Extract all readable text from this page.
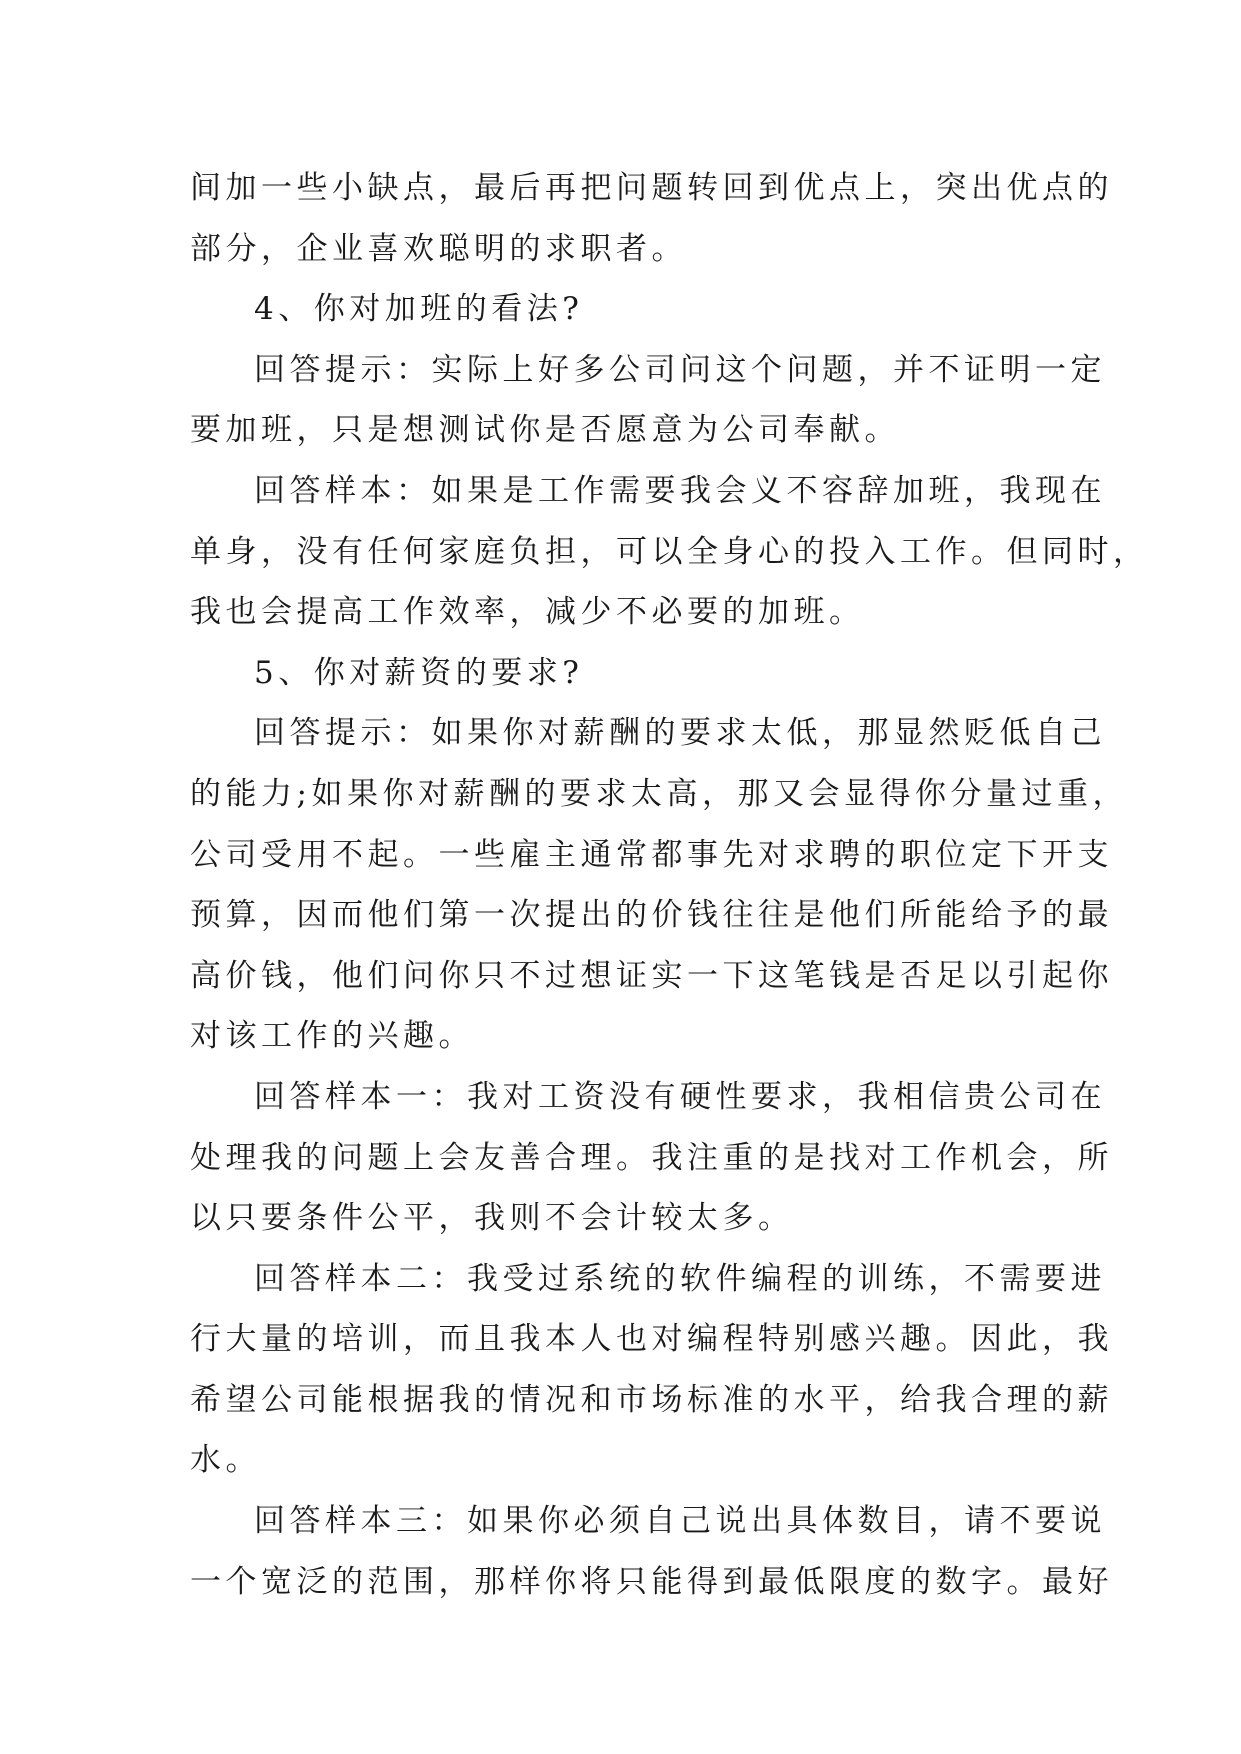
间加一些小缺点，最后再把问题转回到优点上，突出优点的
部分，企业喜欢聪明的求职者。
4、你对加班的看法?
回答提示：实际上好多公司问这个问题，并不证明一定
要加班，只是想测试你是否愿意为公司奉献。
回答样本：如果是工作需要我会义不容辞加班，我现在
单身，没有任何家庭负担，可以全身心的投入工作。但同时，
我也会提高工作效率，减少不必要的加班。
5、你对薪资的要求?
回答提示：如果你对薪酬的要求太低，那显然贬低自己
的能力;如果你对薪酬的要求太高，那又会显得你分量过重，
公司受用不起。一些雇主通常都事先对求聘的职位定下开支
预算，因而他们第一次提出的价钱往往是他们所能给予的最
高价钱，他们问你只不过想证实一下这笔钱是否足以引起你
对该工作的兴趣。
回答样本一：我对工资没有硬性要求，我相信贵公司在
处理我的问题上会友善合理。我注重的是找对工作机会，所
以只要条件公平，我则不会计较太多。
回答样本二：我受过系统的软件编程的训练，不需要进
行大量的培训，而且我本人也对编程特别感兴趣。因此，我
希望公司能根据我的情况和市场标准的水平，给我合理的薪
水。
回答样本三：如果你必须自己说出具体数目，请不要说
一个宽泛的范围，那样你将只能得到最低限度的数字。最好
